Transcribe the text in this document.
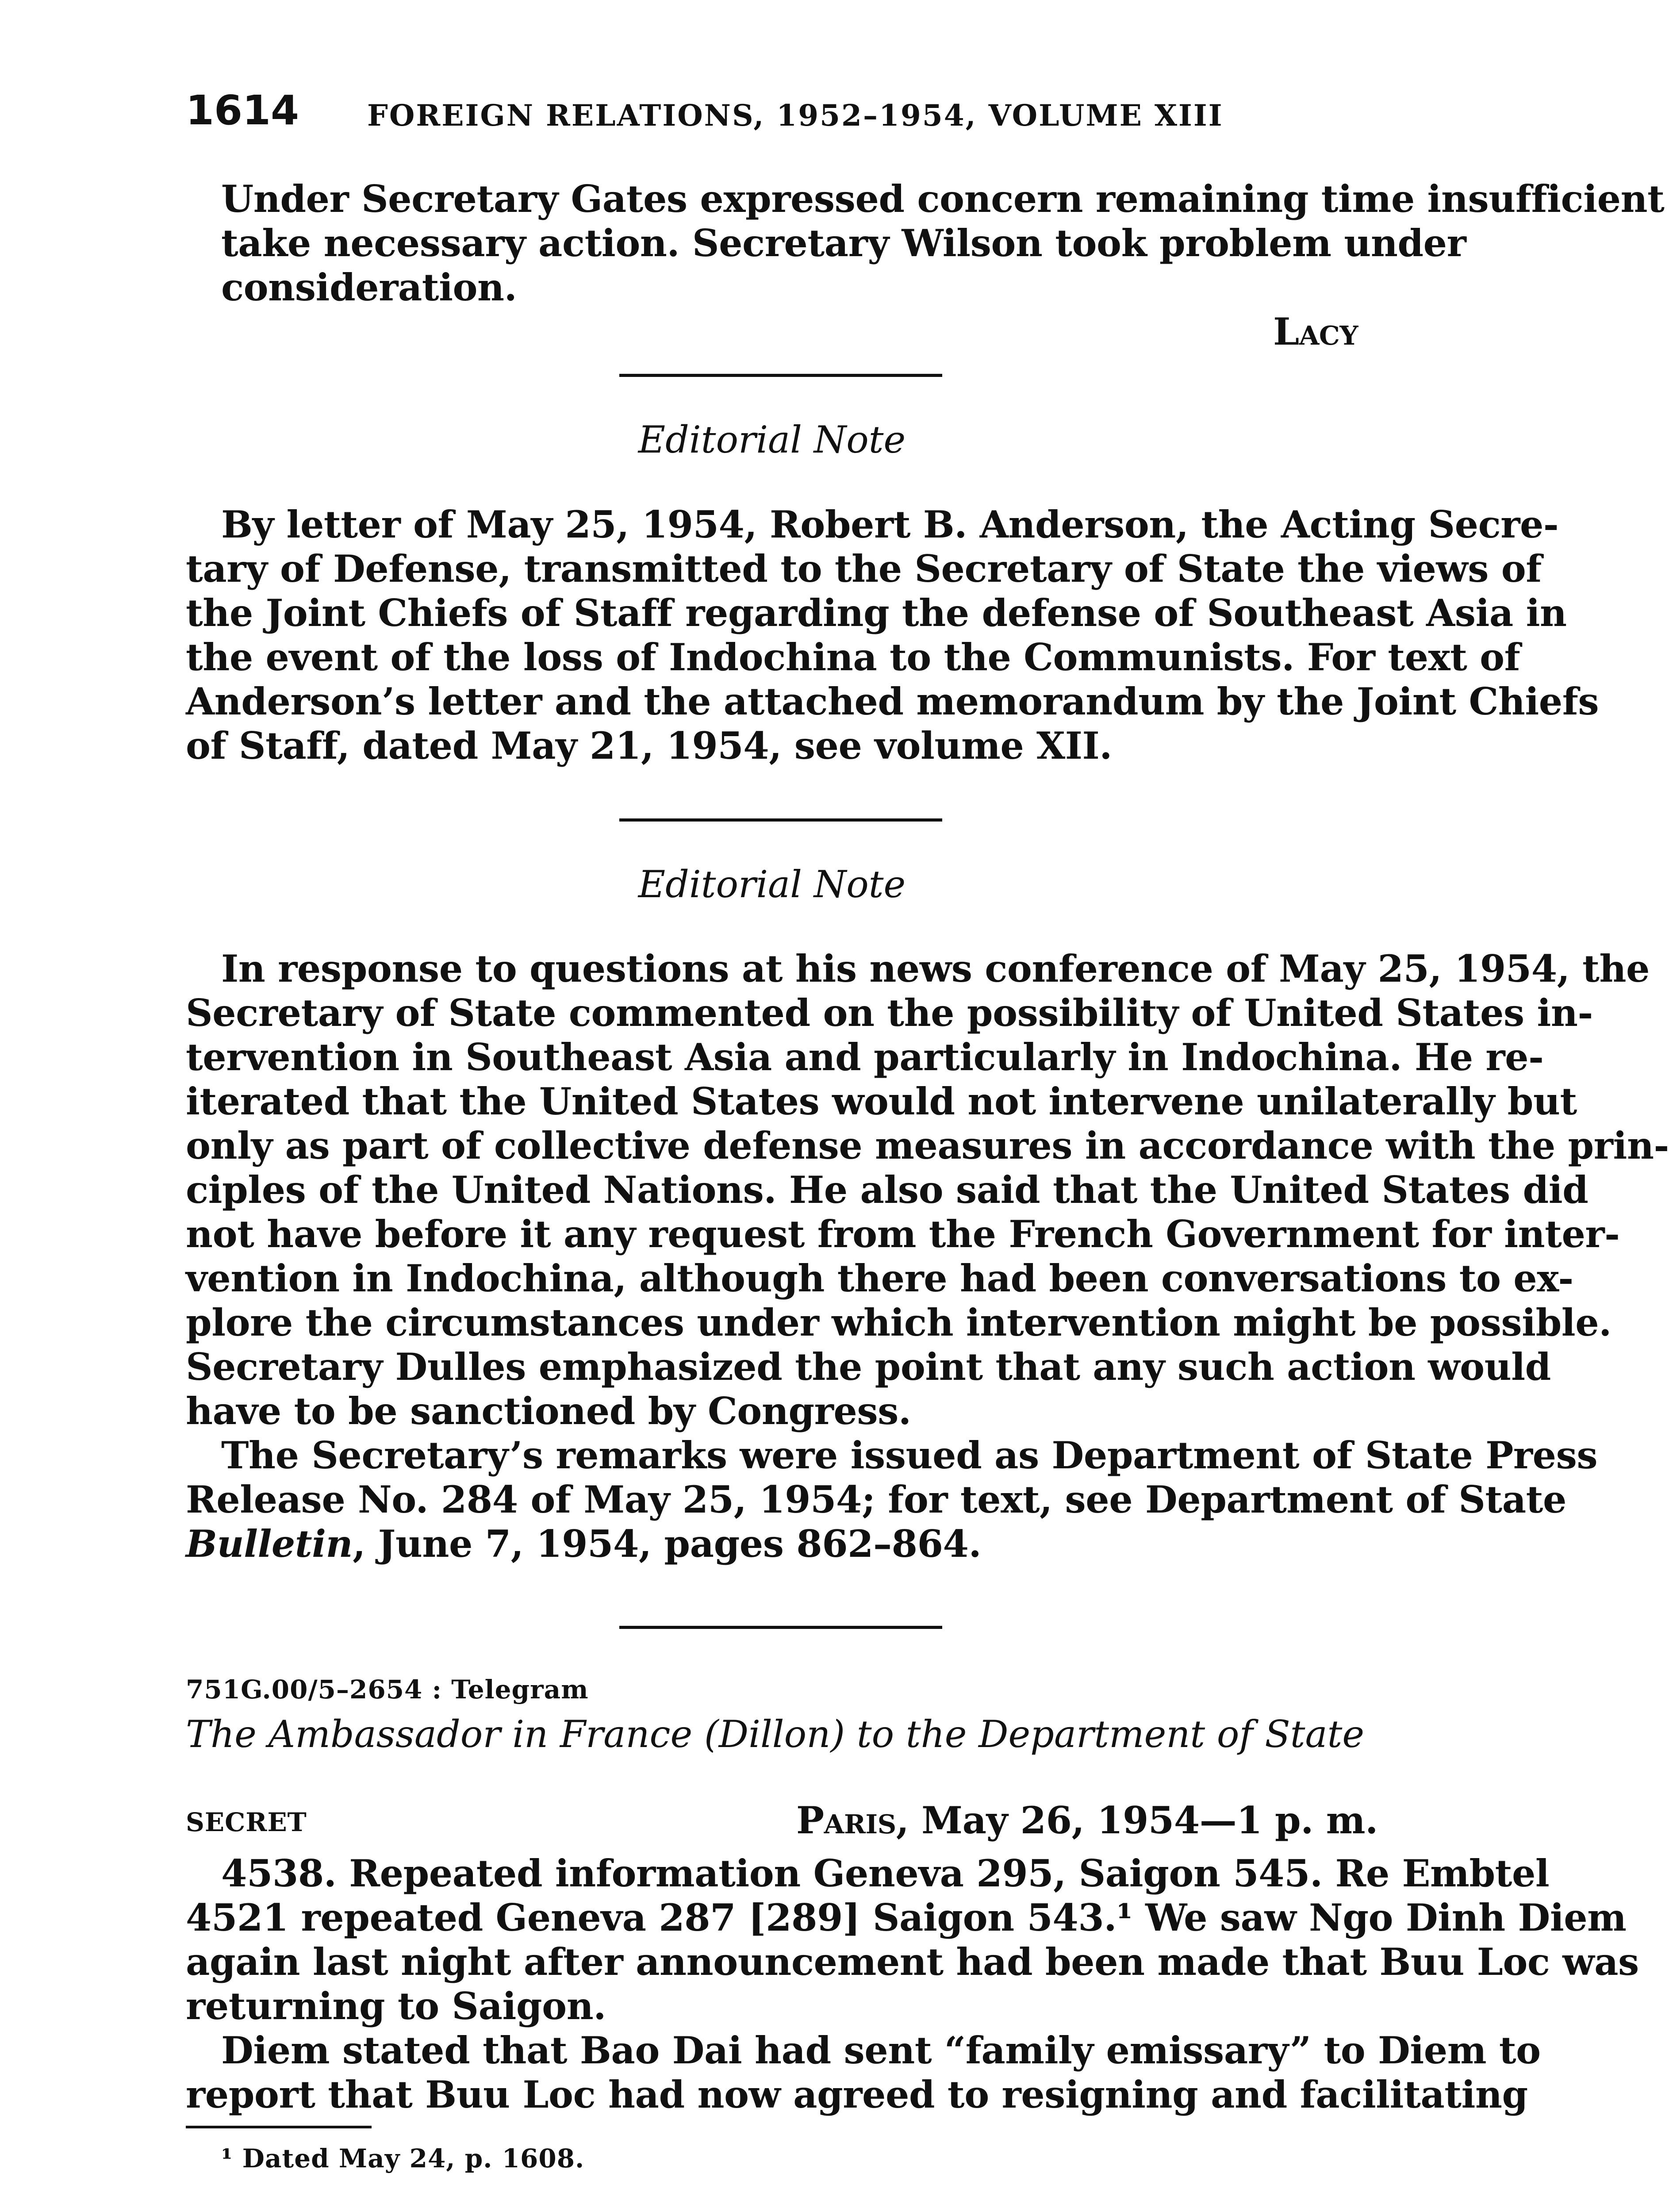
1614 FOREIGN RELATIONS, 1952–1954, VOLUME XIII
Under Secretary Gates expressed concern remaining time insufficient
take necessary action. Secretary Wilson took problem under
consideration.
Lacy
Editorial Note
By letter of May 25, 1954, Robert B. Anderson, the Acting Secre-
tary of Defense, transmitted to the Secretary of State the views of
the Joint Chiefs of Staff regarding the defense of Southeast Asia in
the event of the loss of Indochina to the Communists. For text of
Anderson’s letter and the attached memorandum by the Joint Chiefs
of Staff, dated May 21, 1954, see volume XII.
Editorial Note
In response to questions at his news conference of May 25, 1954, the
Secretary of State commented on the possibility of United States in-
tervention in Southeast Asia and particularly in Indochina. He re-
iterated that the United States would not intervene unilaterally but
only as part of collective defense measures in accordance with the prin-
ciples of the United Nations. He also said that the United States did
not have before it any request from the French Government for inter-
vention in Indochina, although there had been conversations to ex-
plore the circumstances under which intervention might be possible.
Secretary Dulles emphasized the point that any such action would
have to be sanctioned by Congress.
The Secretary’s remarks were issued as Department of State Press
Release No. 284 of May 25, 1954; for text, see Department of State
Bulletin, June 7, 1954, pages 862–864.
751G.00/5–2654 : Telegram
The Ambassador in France (Dillon) to the Department of State
SECRET	Paris, May 26, 1954—1 p. m.
4538. Repeated information Geneva 295, Saigon 545. Re Embtel
4521 repeated Geneva 287 [289] Saigon 543.¹ We saw Ngo Dinh Diem
again last night after announcement had been made that Buu Loc was
returning to Saigon.
Diem stated that Bao Dai had sent “family emissary” to Diem to
report that Buu Loc had now agreed to resigning and facilitating
¹ Dated May 24, p. 1608.
